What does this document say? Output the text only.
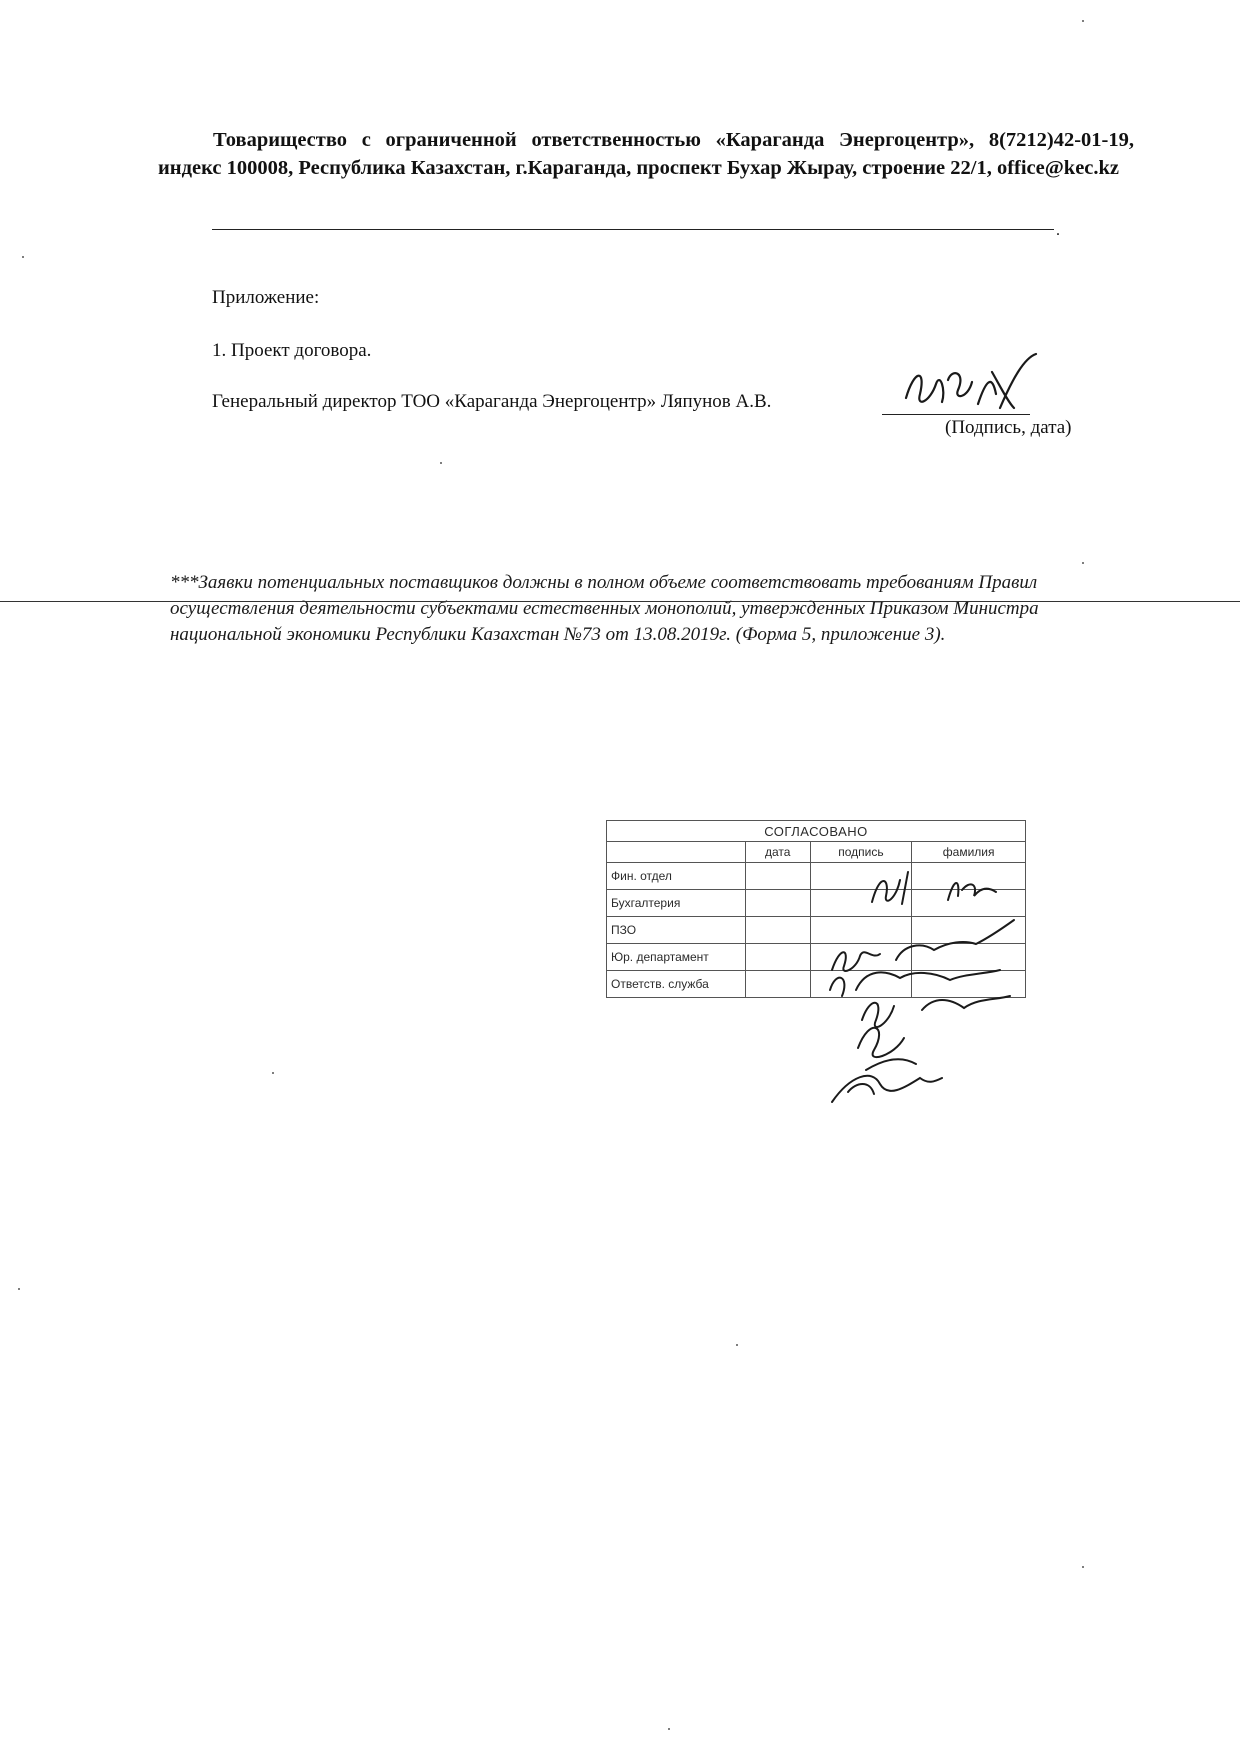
Товарищество с ограниченной ответственностью «Караганда Энергоцентр», 8(7212)42-01-19, индекс 100008, Республика Казахстан, г.Караганда, проспект Бухар Жырау, строение 22/1, office@kec.kz
.
Приложение:
1. Проект договора.
Генеральный директор ТОО «Караганда Энергоцентр» Ляпунов А.В.
(Подпись, дата)
***Заявки потенциальных поставщиков должны в полном объеме соответствовать требованиям Правил осуществления деятельности субъектами естественных монополий, утвержденных Приказом Министра национальной экономики Республики Казахстан №73 от 13.08.2019г. (Форма 5, приложение 3).
СОГЛАСОВАНО			
	дата	подпись	фамилия
Фин. отдел			
Бухгалтерия			
ПЗО			
Юр. департамент			
Ответств. служба			
